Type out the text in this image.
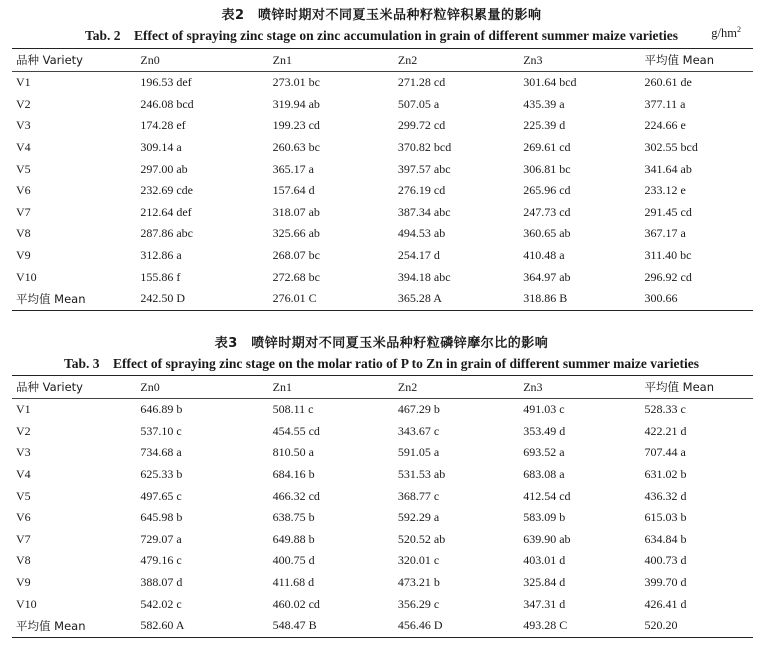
表2　喷锌时期对不同夏玉米品种籽粒锌积累量的影响
Tab. 2　Effect of spraying zinc stage on zinc accumulation in grain of different summer maize varieties	$g/hm^2$
品种 Variety	Zn0	Zn1	Zn2	Zn3	平均值 Mean
V1	196.53 def	273.01 bc	271.28 cd	301.64 bcd	260.61 de
V2	246.08 bcd	319.94 ab	507.05 a	435.39 a	377.11 a
V3	174.28 ef	199.23 cd	299.72 cd	225.39 d	224.66 e
V4	309.14 a	260.63 bc	370.82 bcd	269.61 cd	302.55 bcd
V5	297.00 ab	365.17 a	397.57 abc	306.81 bc	341.64 ab
V6	232.69 cde	157.64 d	276.19 cd	265.96 cd	233.12 e
V7	212.64 def	318.07 ab	387.34 abc	247.73 cd	291.45 cd
V8	287.86 abc	325.66 ab	494.53 ab	360.65 ab	367.17 a
V9	312.86 a	268.07 bc	254.17 d	410.48 a	311.40 bc
V10	155.86 f	272.68 bc	394.18 abc	364.97 ab	296.92 cd
平均值 Mean	242.50 D	276.01 C	365.28 A	318.86 B	300.66
表3　喷锌时期对不同夏玉米品种籽粒磷锌摩尔比的影响
Tab. 3　Effect of spraying zinc stage on the molar ratio of P to Zn in grain of different summer maize varieties
品种 Variety	Zn0	Zn1	Zn2	Zn3	平均值 Mean
V1	646.89 b	508.11 c	467.29 b	491.03 c	528.33 c
V2	537.10 c	454.55 cd	343.67 c	353.49 d	422.21 d
V3	734.68 a	810.50 a	591.05 a	693.52 a	707.44 a
V4	625.33 b	684.16 b	531.53 ab	683.08 a	631.02 b
V5	497.65 c	466.32 cd	368.77 c	412.54 cd	436.32 d
V6	645.98 b	638.75 b	592.29 a	583.09 b	615.03 b
V7	729.07 a	649.88 b	520.52 ab	639.90 ab	634.84 b
V8	479.16 c	400.75 d	320.01 c	403.01 d	400.73 d
V9	388.07 d	411.68 d	473.21 b	325.84 d	399.70 d
V10	542.02 c	460.02 cd	356.29 c	347.31 d	426.41 d
平均值 Mean	582.60 A	548.47 B	456.46 D	493.28 C	520.20
